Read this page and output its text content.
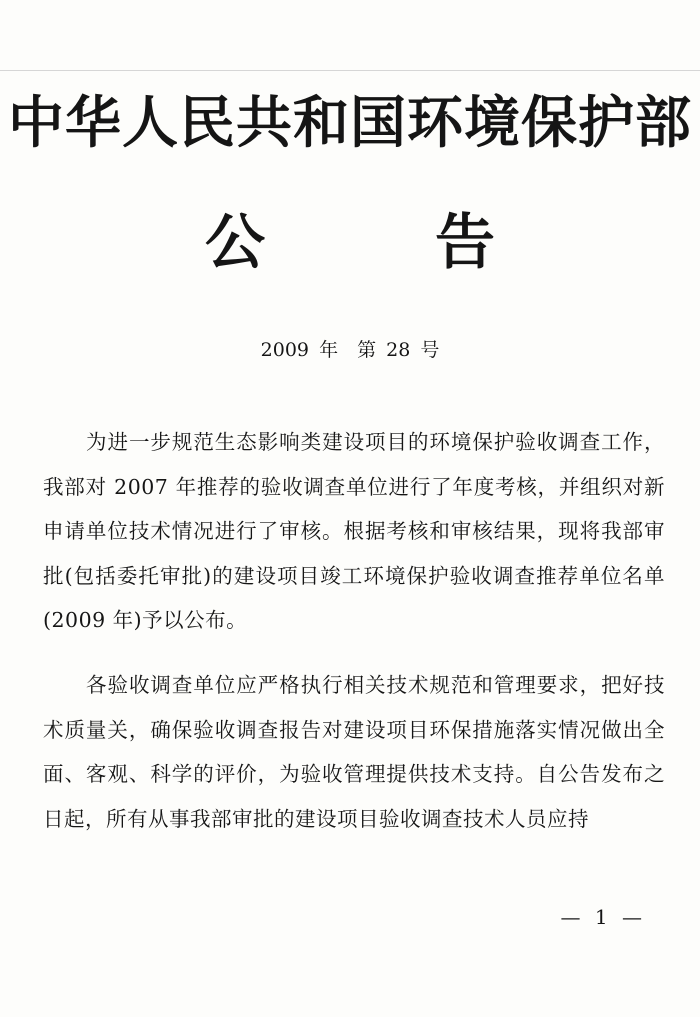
中华人民共和国环境保护部
公	告
2009 年　第 28 号

为进一步规范生态影响类建设项目的环境保护验收调查工作，我部对 2007 年推荐的验收调查单位进行了年度考核，并组织对新申请单位技术情况进行了审核。根据考核和审核结果，现将我部审批(包括委托审批)的建设项目竣工环境保护验收调查推荐单位名单(2009 年)予以公布。

各验收调查单位应严格执行相关技术规范和管理要求，把好技术质量关，确保验收调查报告对建设项目环保措施落实情况做出全面、客观、科学的评价，为验收管理提供技术支持。自公告发布之日起，所有从事我部审批的建设项目验收调查技术人员应持

— 1 —
